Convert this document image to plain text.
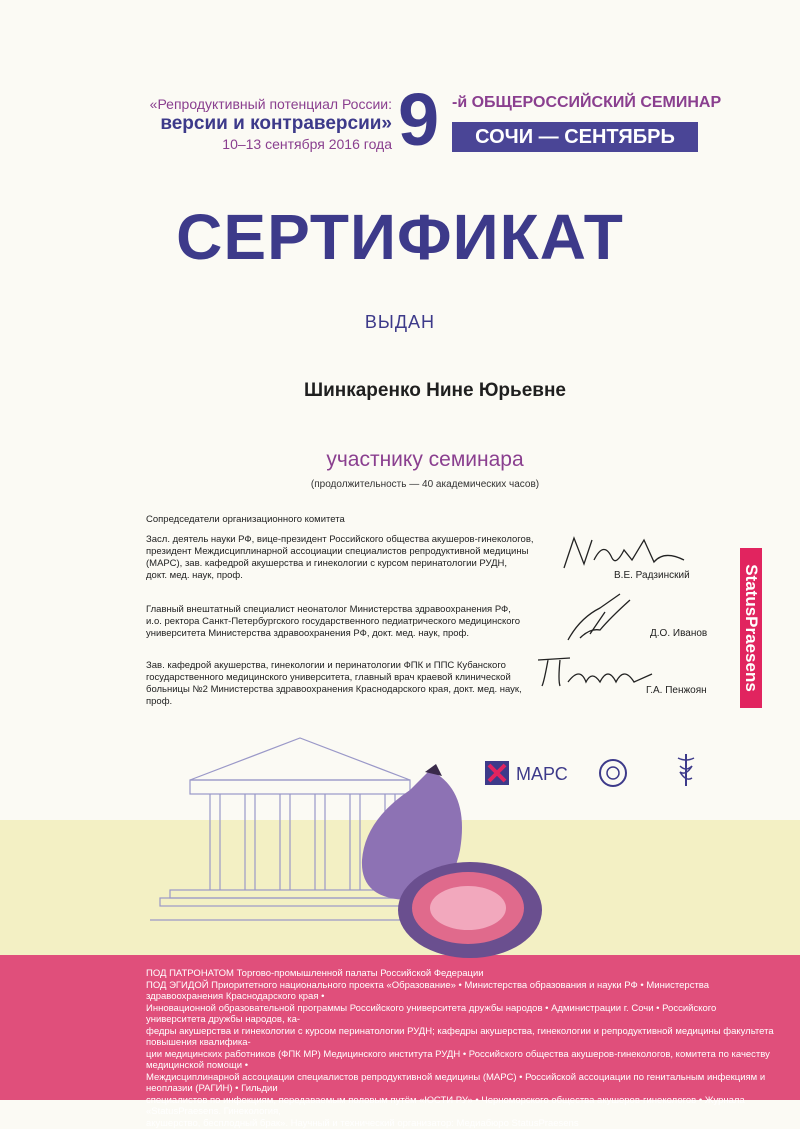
«Репродуктивный потенциал России:
версии и контраверсии»
10–13 сентября 2016 года 9 -й ОБЩЕРОССИЙСКИЙ СЕМИНАР
СОЧИ — СЕНТЯБРЬ
СЕРТИФИКАТ
ВЫДАН
Шинкаренко Нине Юрьевне
участнику семинара
(продолжительность — 40 академических часов)
Сопредседатели организационного комитета
Засл. деятель науки РФ, вице-президент Российского общества акушеров-гинекологов,
президент Междисциплинарной ассоциации специалистов репродуктивной медицины
(МАРС), зав. кафедрой акушерства и гинекологии с курсом перинатологии РУДН,
докт. мед. наук, проф.	В.Е. Радзинский
Главный внештатный специалист неонатолог Министерства здравоохранения РФ,
и.о. ректора Санкт-Петербургского государственного педиатрического медицинского
университета Министерства здравоохранения РФ, докт. мед. наук, проф.	Д.О. Иванов
Зав. кафедрой акушерства, гинекологии и перинатологии ФПК и ППС Кубанского
государственного медицинского университета, главный врач краевой клинической
больницы №2 Министерства здравоохранения Краснодарского края, докт. мед. наук, проф.
Г.А. Пенжоян StatusPraesens
МАРС
ПОД ПАТРОНАТОМ Торгово-промышленной палаты Российской Федерации
ПОД ЭГИДОЙ Приоритетного национального проекта «Образование» • Министерства образования и науки РФ • Министерства здравоохранения Краснодарского края •
Инновационной образовательной программы Российского университета дружбы народов • Администрации г. Сочи • Российского университета дружбы народов, ка-
федры акушерства и гинекологии с курсом перинатологии РУДН; кафедры акушерства, гинекологии и репродуктивной медицины факультета повышения квалифика-
ции медицинских работников (ФПК МР) Медицинского института РУДН • Российского общества акушеров-гинекологов, комитета по качеству медицинской помощи •
Междисциплинарной ассоциации специалистов репродуктивной медицины (МАРС) • Российской ассоциации по генитальным инфекциям и неоплазии (РАГИН) • Гильдии
специалистов по инфекциям, передаваемым половым путём «ЮСТИ РУ» • Черноморского общества акушеров-гинекологов • Журнала «StatusPraesens. Гинекология,
акушерство, бесплодный брак». Научный и технический организатор: Медиабюро StatusPraesens
